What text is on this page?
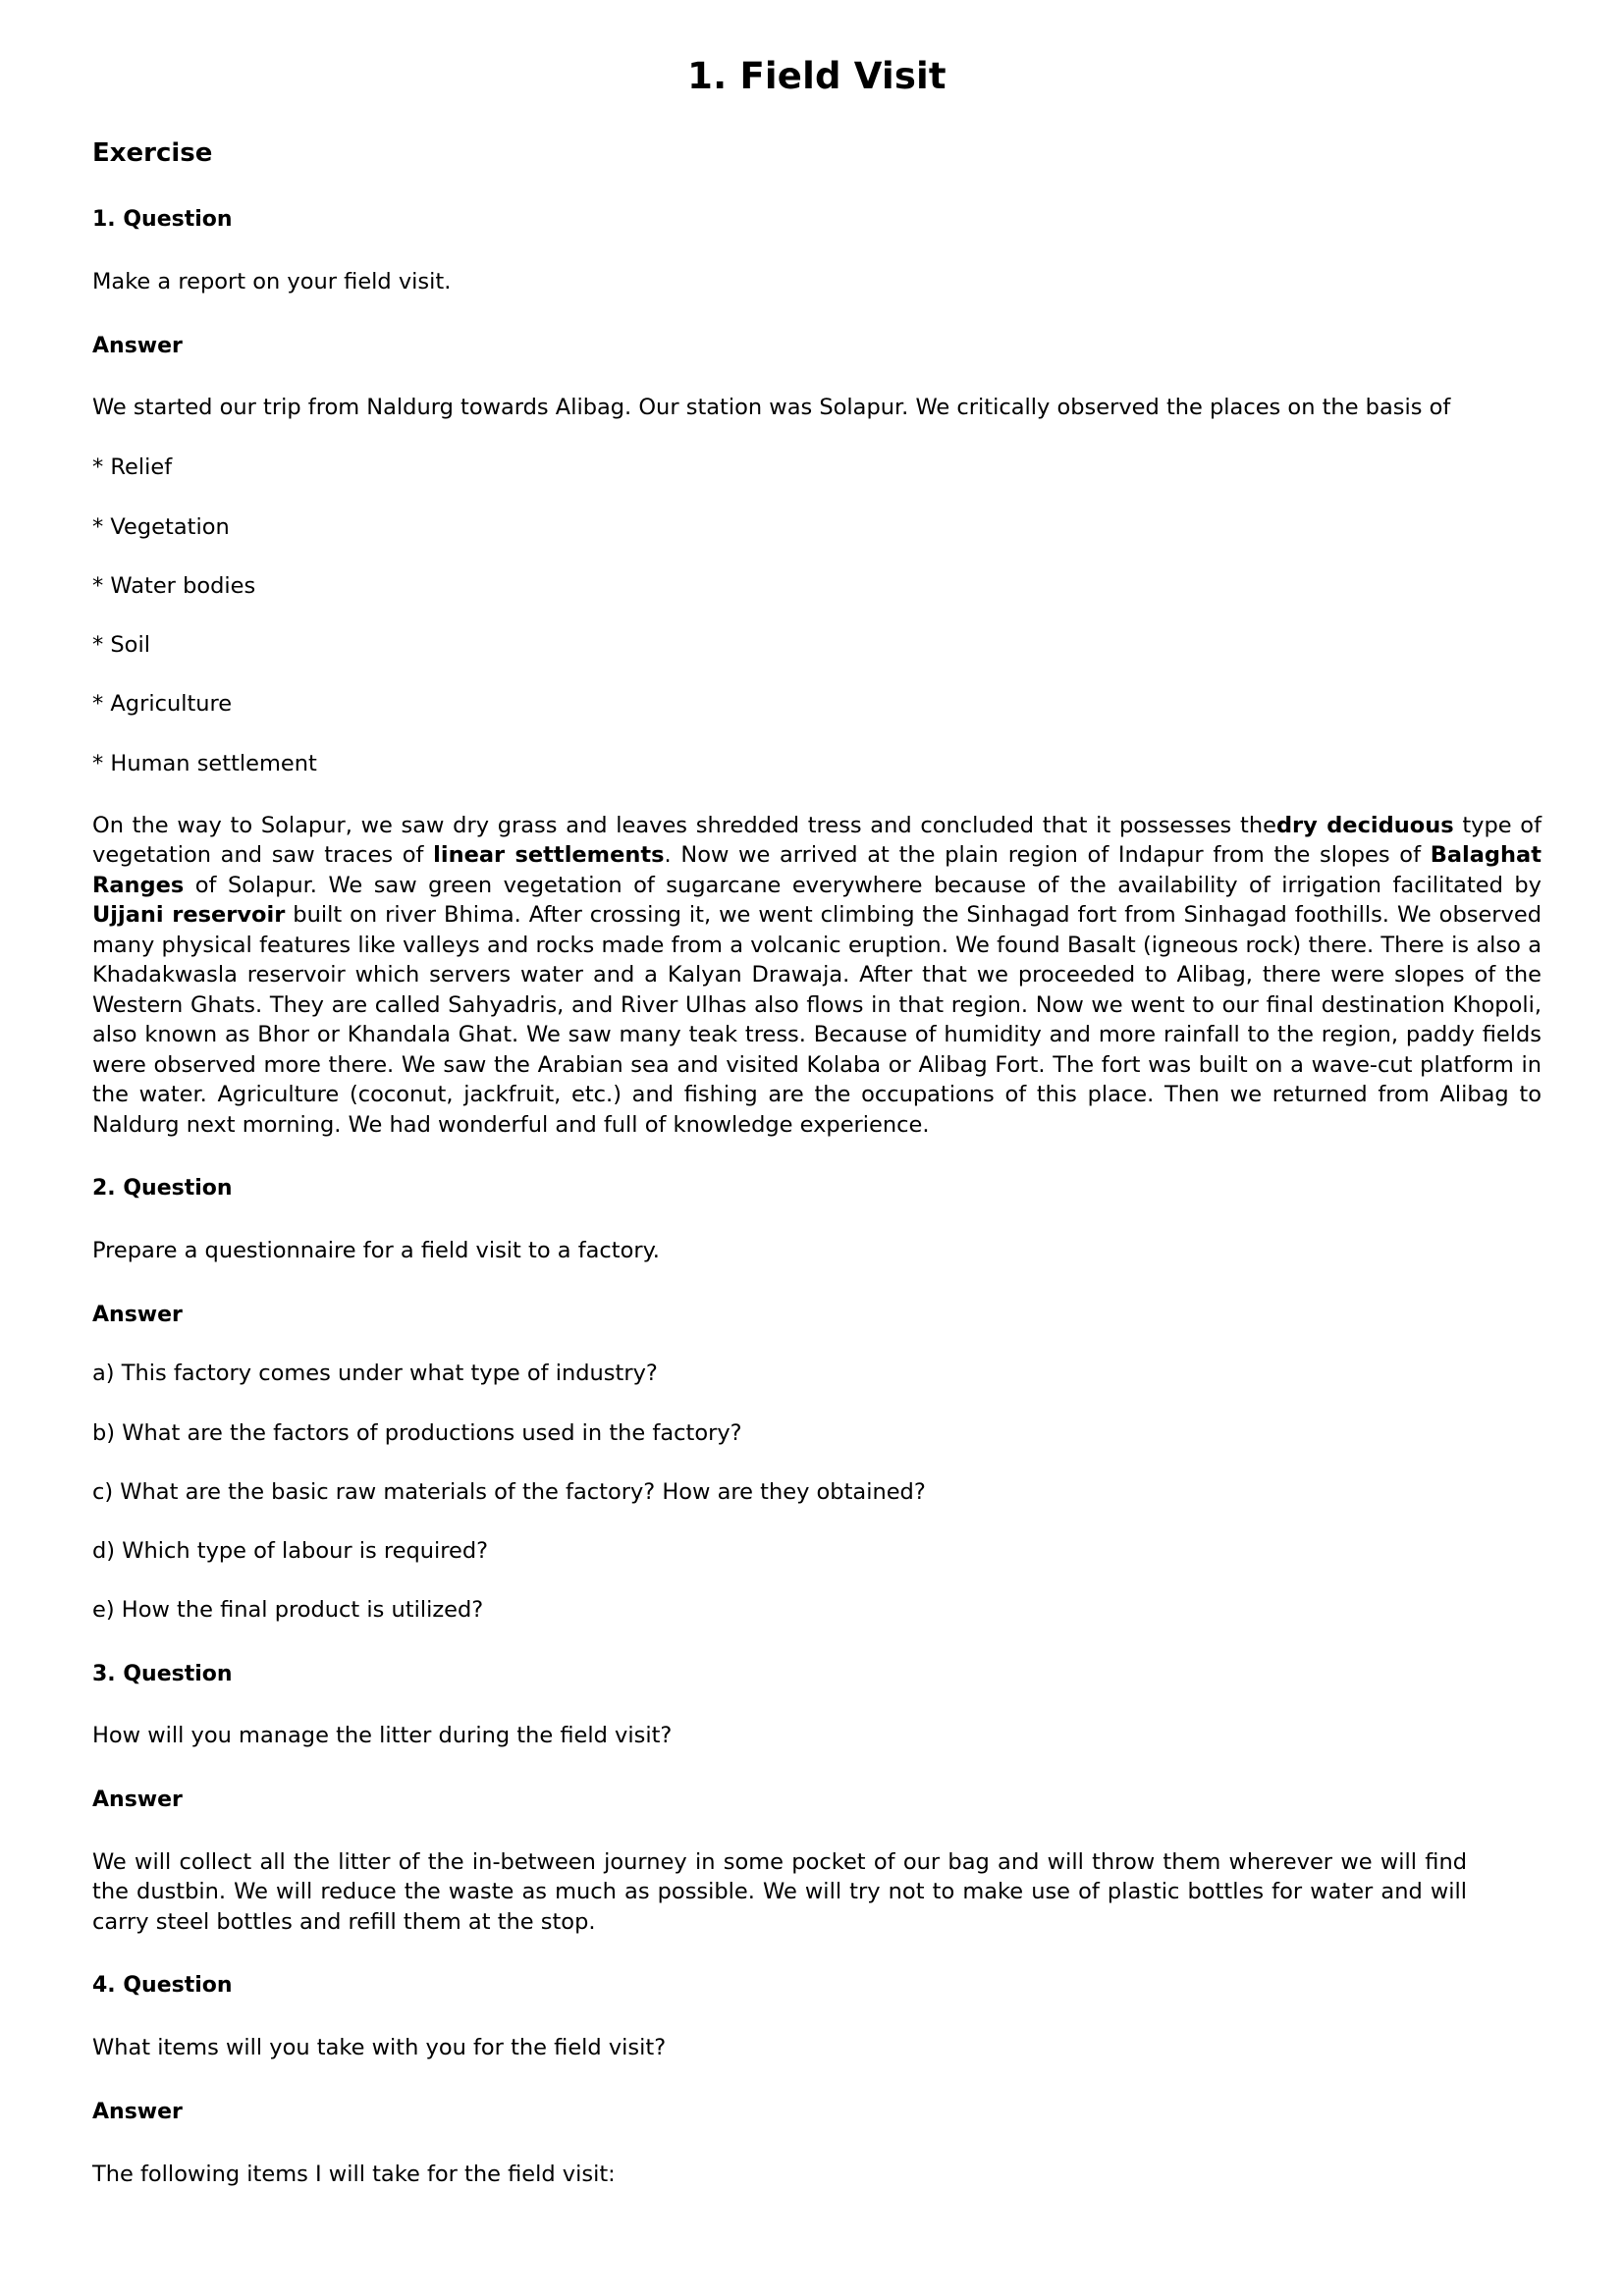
1. Field Visit
Exercise
1. Question
Make a report on your field visit.
Answer
We started our trip from Naldurg towards Alibag. Our station was Solapur. We critically observed the places on the basis of
* Relief
* Vegetation
* Water bodies
* Soil
* Agriculture
* Human settlement
On the way to Solapur, we saw dry grass and leaves shredded tress and concluded that it possesses thedry deciduous type of vegetation and saw traces of linear settlements. Now we arrived at the plain region of Indapur from the slopes of Balaghat Ranges of Solapur. We saw green vegetation of sugarcane everywhere because of the availability of irrigation facilitated by Ujjani reservoir built on river Bhima. After crossing it, we went climbing the Sinhagad fort from Sinhagad foothills. We observed many physical features like valleys and rocks made from a volcanic eruption. We found Basalt (igneous rock) there. There is also a Khadakwasla reservoir which servers water and a Kalyan Drawaja. After that we proceeded to Alibag, there were slopes of the Western Ghats. They are called Sahyadris, and River Ulhas also flows in that region. Now we went to our final destination Khopoli, also known as Bhor or Khandala Ghat. We saw many teak tress. Because of humidity and more rainfall to the region, paddy fields were observed more there. We saw the Arabian sea and visited Kolaba or Alibag Fort. The fort was built on a wave-cut platform in the water. Agriculture (coconut, jackfruit, etc.) and fishing are the occupations of this place. Then we returned from Alibag to Naldurg next morning. We had wonderful and full of knowledge experience.
2. Question
Prepare a questionnaire for a field visit to a factory.
Answer
a) This factory comes under what type of industry?
b) What are the factors of productions used in the factory?
c) What are the basic raw materials of the factory? How are they obtained?
d) Which type of labour is required?
e) How the final product is utilized?
3. Question
How will you manage the litter during the field visit?
Answer
We will collect all the litter of the in-between journey in some pocket of our bag and will throw them wherever we will find the dustbin. We will reduce the waste as much as possible. We will try not to make use of plastic bottles for water and will carry steel bottles and refill them at the stop.
4. Question
What items will you take with you for the field visit?
Answer
The following items I will take for the field visit:
